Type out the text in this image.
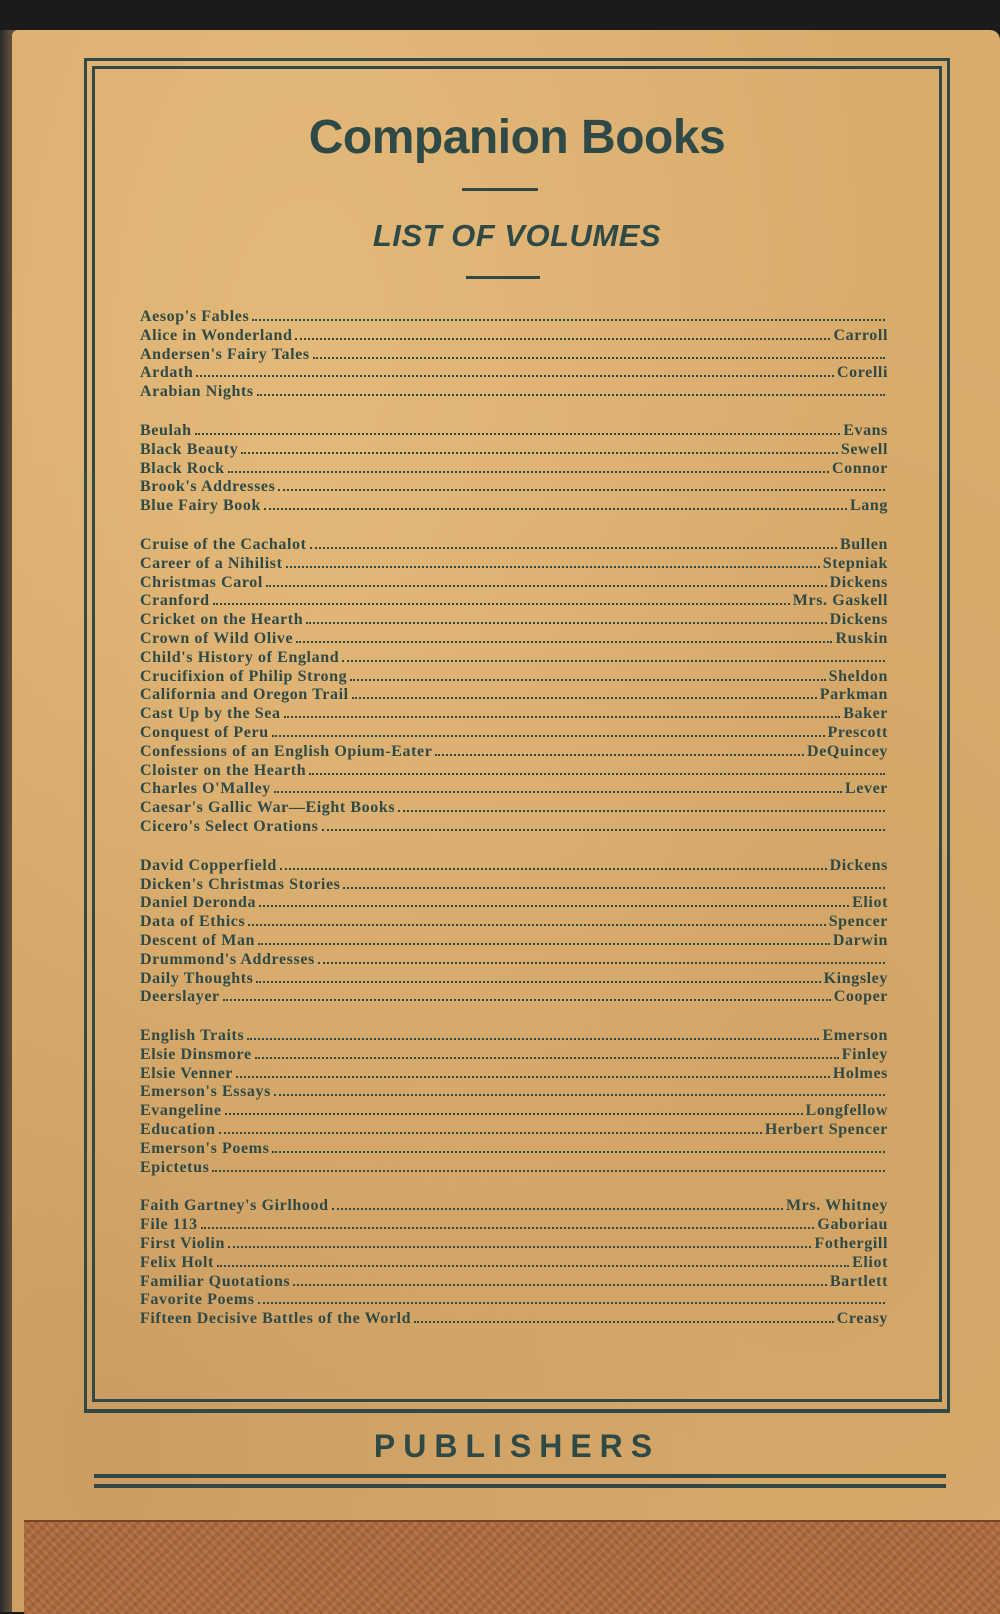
Companion Books
LIST OF VOLUMES
Aesop's Fables
Alice in Wonderland	Carroll
Andersen's Fairy Tales
Ardath	Corelli
Arabian Nights
Beulah	Evans
Black Beauty	Sewell
Black Rock	Connor
Brook's Addresses
Blue Fairy Book	Lang
Cruise of the Cachalot	Bullen
Career of a Nihilist	Stepniak
Christmas Carol	Dickens
Cranford	Mrs. Gaskell
Cricket on the Hearth	Dickens
Crown of Wild Olive	Ruskin
Child's History of England
Crucifixion of Philip Strong	Sheldon
California and Oregon Trail	Parkman
Cast Up by the Sea	Baker
Conquest of Peru	Prescott
Confessions of an English Opium-Eater	DeQuincey
Cloister on the Hearth
Charles O'Malley	Lever
Caesar's Gallic War—Eight Books
Cicero's Select Orations
David Copperfield	Dickens
Dicken's Christmas Stories
Daniel Deronda	Eliot
Data of Ethics	Spencer
Descent of Man	Darwin
Drummond's Addresses
Daily Thoughts	Kingsley
Deerslayer	Cooper
English Traits	Emerson
Elsie Dinsmore	Finley
Elsie Venner	Holmes
Emerson's Essays
Evangeline	Longfellow
Education	Herbert Spencer
Emerson's Poems
Epictetus
Faith Gartney's Girlhood	Mrs. Whitney
File 113	Gaboriau
First Violin	Fothergill
Felix Holt	Eliot
Familiar Quotations	Bartlett
Favorite Poems
Fifteen Decisive Battles of the World	Creasy
PUBLISHERS
